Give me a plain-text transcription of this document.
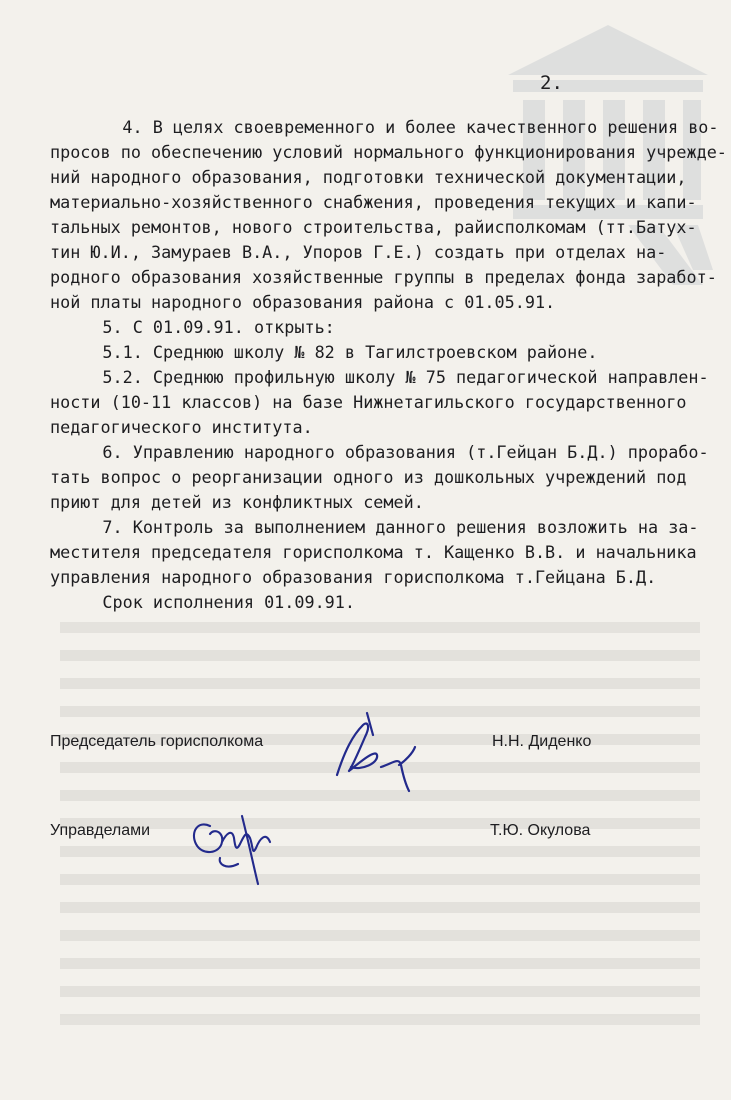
2.
4. В целях своевременного и более качественного решения во-
просов по обеспечению условий нормального функционирования учрежде-
ний народного образования, подготовки технической документации,
материально-хозяйственного снабжения, проведения текущих и капи-
тальных ремонтов, нового строительства, райисполкомам (тт.Батух-
тин Ю.И., Замураев В.А., Упоров Г.Е.) создать при отделах на-
родного образования хозяйственные группы в пределах фонда заработ-
ной платы народного образования района с 01.05.91.
5. С 01.09.91. открыть:
5.1. Среднюю школу № 82 в Тагилстроевском районе.
5.2. Среднюю профильную школу № 75 педагогической направлен-
ности (10-11 классов) на базе Нижнетагильского государственного
педагогического института.
6. Управлению народного образования (т.Гейцан Б.Д.) прорабо-
тать вопрос о реорганизации одного из дошкольных учреждений под
приют для детей из конфликтных семей.
7. Контроль за выполнением данного решения возложить на за-
местителя председателя горисполкома т. Кащенко В.В. и начальника
управления народного образования горисполкома т.Гейцана Б.Д.
Срок исполнения 01.09.91.
Председатель горисполкома	Н.Н. Диденко
Управделами	Т.Ю. Окулова
